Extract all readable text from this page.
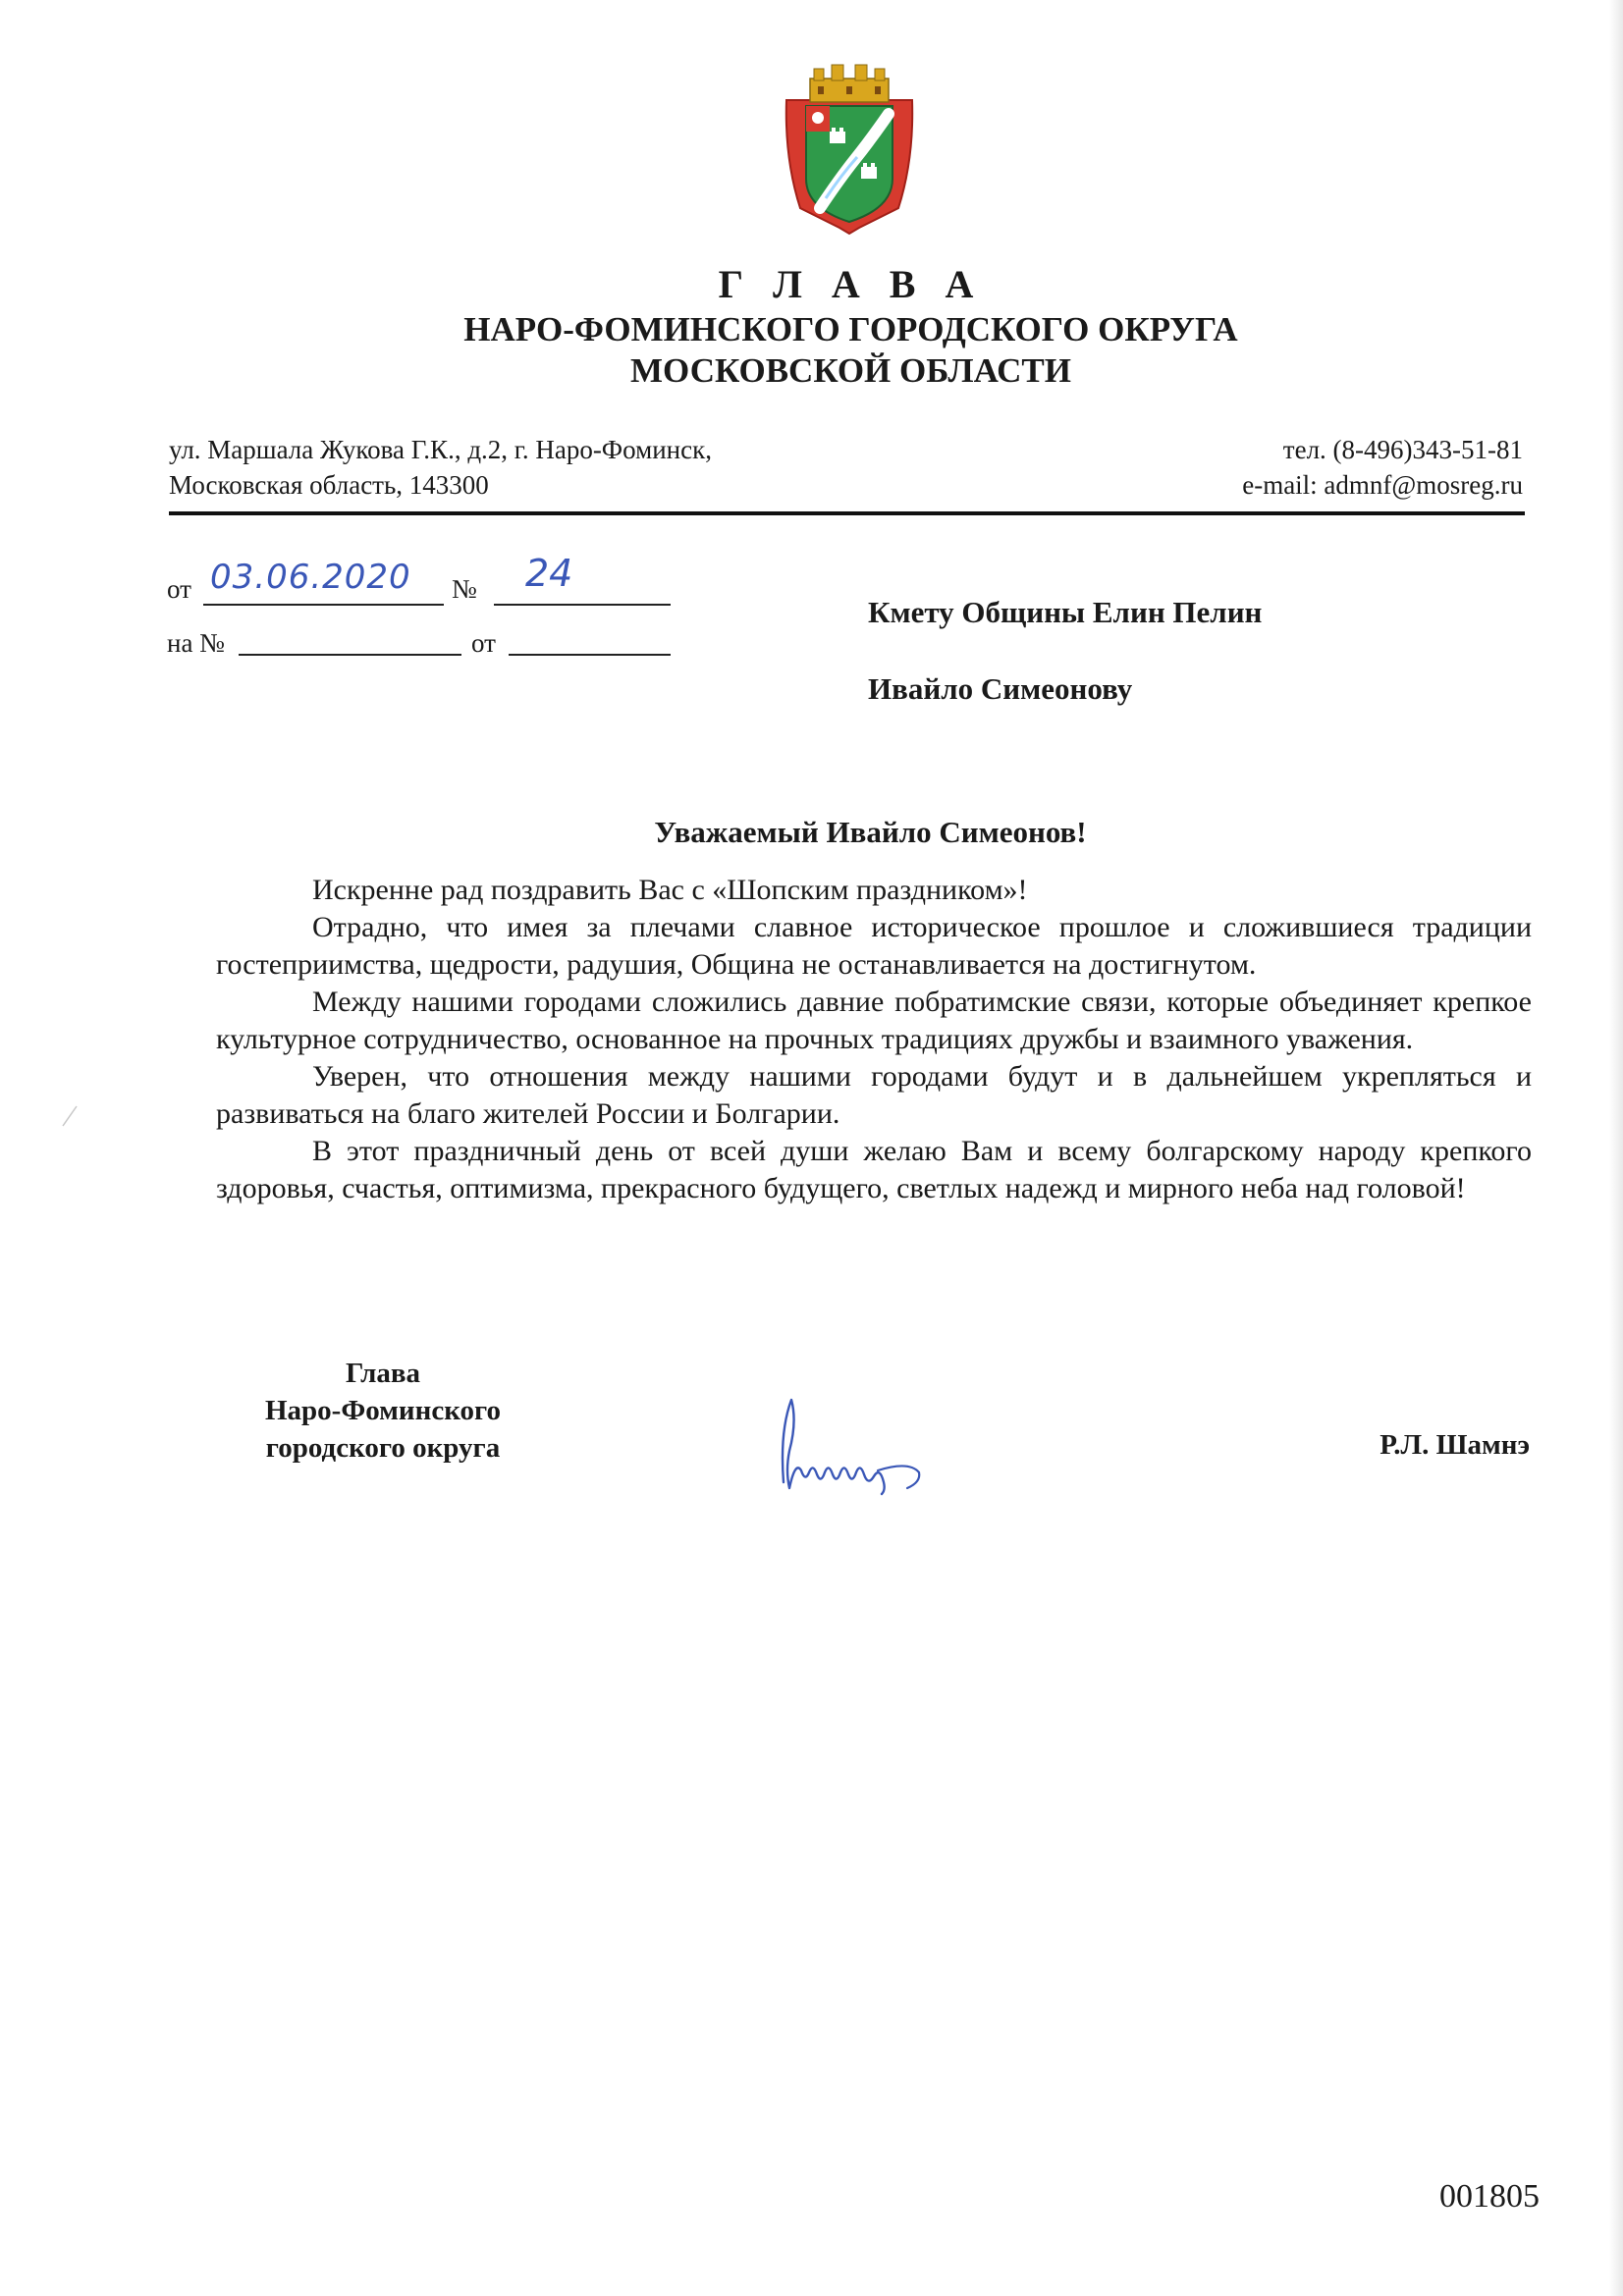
Г Л А В А
НАРО-ФОМИНСКОГО ГОРОДСКОГО ОКРУГА
МОСКОВСКОЙ ОБЛАСТИ
ул. Маршала Жукова Г.К., д.2, г. Наро-Фоминск,
Московская область, 143300
тел. (8-496)343-51-81
e-mail: admnf@mosreg.ru
от 03.06.2020 № 24
на №	от
Кмету Общины Елин Пелин
Ивайло Симеонову
Уважаемый Ивайло Симеонов!

Искренне рад поздравить Вас с «Шопским праздником»!

Отрадно, что имея за плечами славное историческое прошлое и сложившиеся традиции гостеприимства, щедрости, радушия, Община не останавливается на достигнутом.

Между нашими городами сложились давние побратимские связи, которые объединяет крепкое культурное сотрудничество, основанное на прочных традициях дружбы и взаимного уважения.

Уверен, что отношения между нашими городами будут и в дальнейшем укрепляться и развиваться на благо жителей России и Болгарии.

В этот праздничный день от всей души желаю Вам и всему болгарскому народу крепкого здоровья, счастья, оптимизма, прекрасного будущего, светлых надежд и мирного неба над головой!

Глава
Наро-Фоминского
городского округа	Р.Л. Шамнэ
001805
